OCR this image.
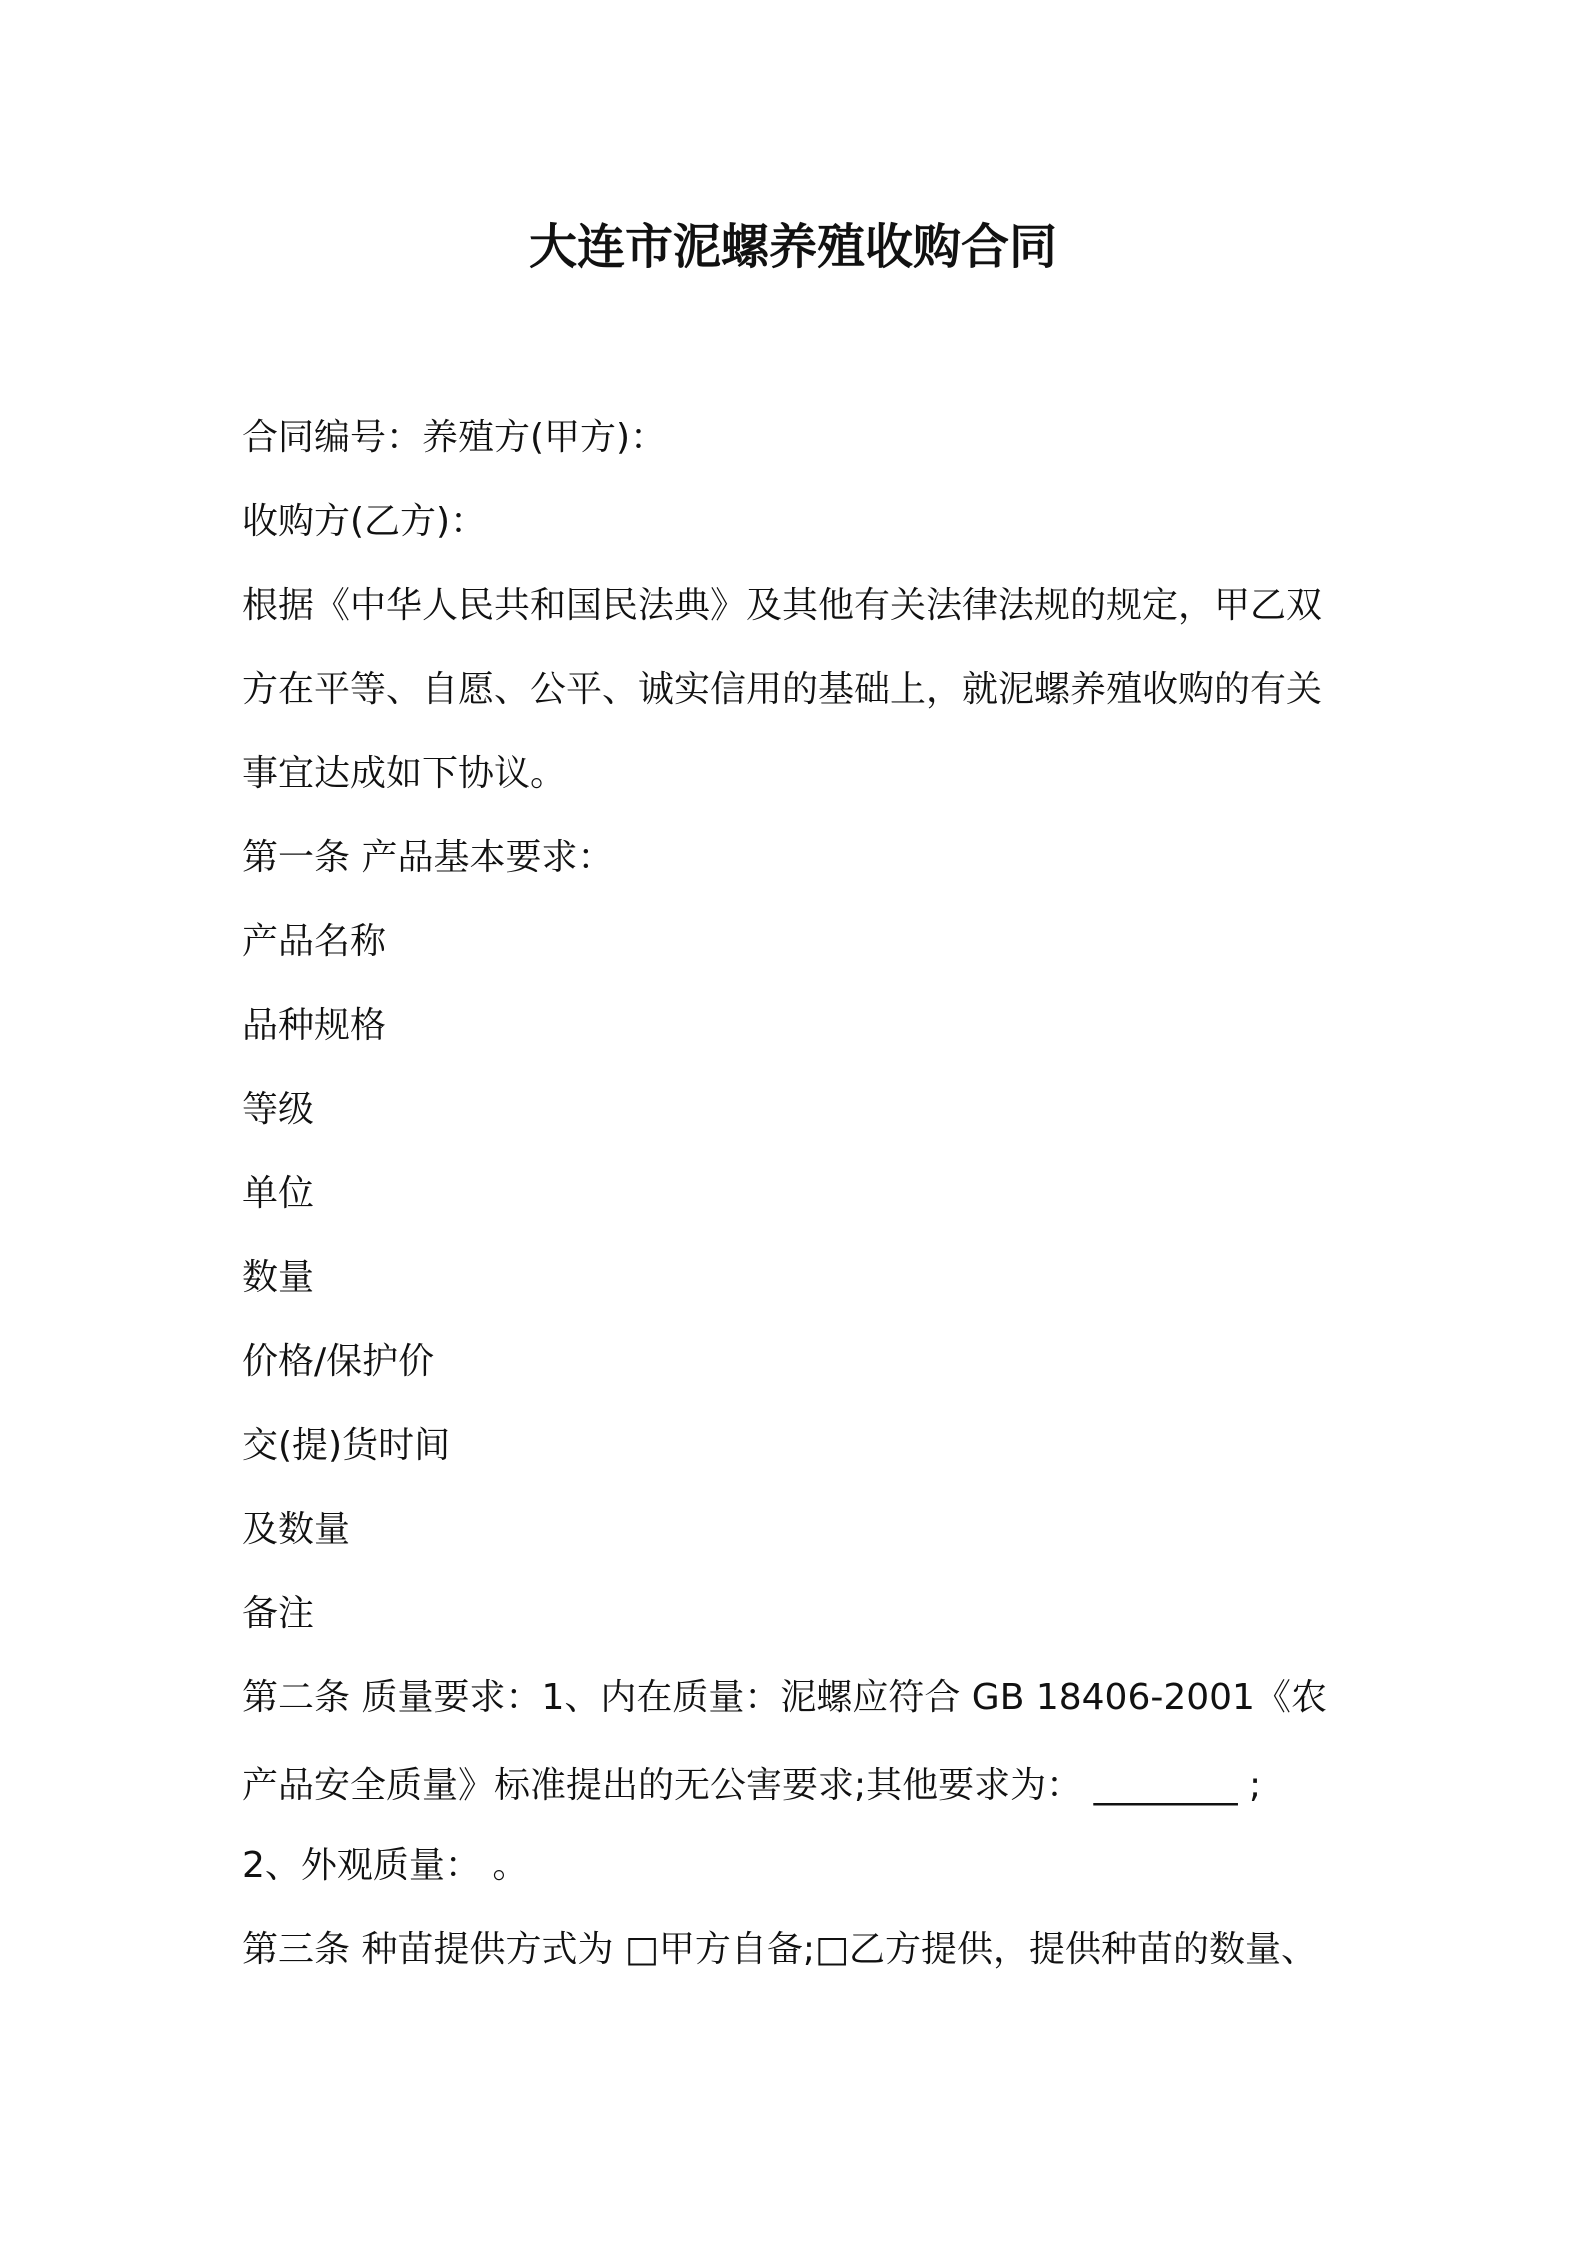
大连市泥螺养殖收购合同
合同编号：养殖方(甲方)：
收购方(乙方)：
根据《中华人民共和国民法典》及其他有关法律法规的规定，甲乙双
方在平等、自愿、公平、诚实信用的基础上，就泥螺养殖收购的有关
事宜达成如下协议。
第一条 产品基本要求：
产品名称
品种规格
等级
单位
数量
价格/保护价
交(提)货时间
及数量
备注
第二条 质量要求：1、内在质量：泥螺应符合 GB 18406-2001《农
产品安全质量》标准提出的无公害要求;其他要求为： ________ ;
2、外观质量： 。
第三条 种苗提供方式为 □甲方自备;□乙方提供，提供种苗的数量、
